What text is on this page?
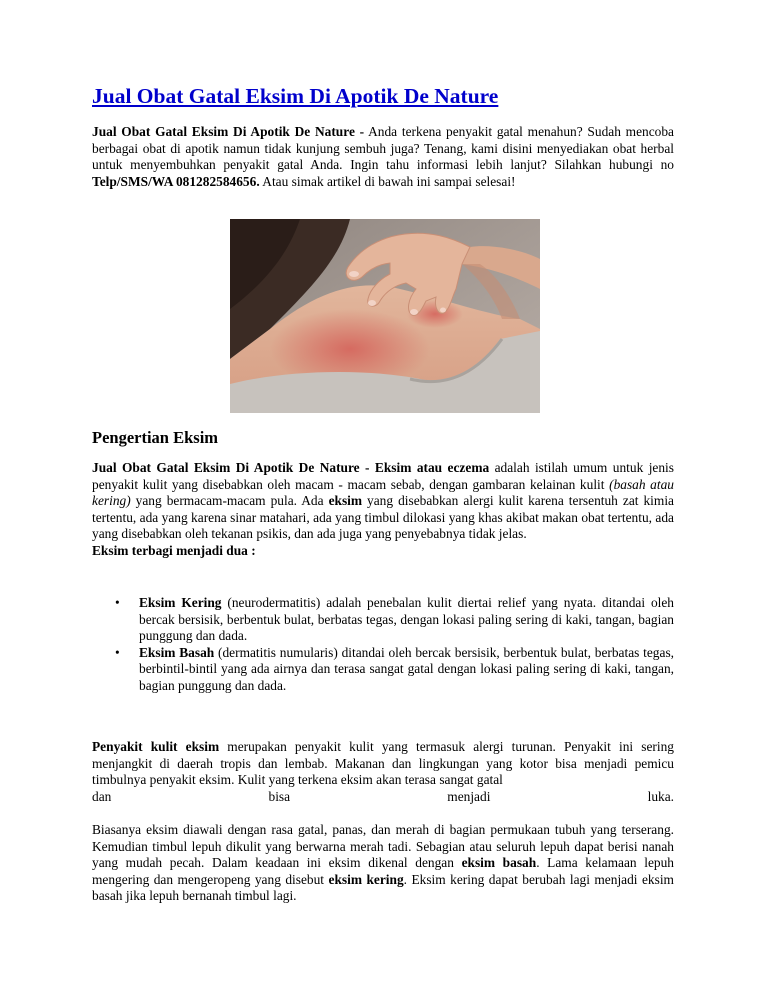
Jual Obat Gatal Eksim Di Apotik De Nature

Jual Obat Gatal Eksim Di Apotik De Nature - Anda terkena penyakit gatal menahun? Sudah mencoba berbagai obat di apotik namun tidak kunjung sembuh juga? Tenang, kami disini menyediakan obat herbal untuk menyembuhkan penyakit gatal Anda. Ingin tahu informasi lebih lanjut? Silahkan hubungi no Telp/SMS/WA 081282584656. Atau simak artikel di bawah ini sampai selesai!

Pengertian Eksim

Jual Obat Gatal Eksim Di Apotik De Nature - Eksim atau eczema adalah istilah umum untuk jenis penyakit kulit yang disebabkan oleh macam - macam sebab, dengan gambaran kelainan kulit (basah atau kering) yang bermacam-macam pula. Ada eksim yang disebabkan alergi kulit karena tersentuh zat kimia tertentu, ada yang karena sinar matahari, ada yang timbul dilokasi yang khas akibat makan obat tertentu, ada yang disebabkan oleh tekanan psikis, dan ada juga yang penyebabnya tidak jelas.
Eksim terbagi menjadi dua :

• Eksim Kering (neurodermatitis) adalah penebalan kulit diertai relief yang nyata. ditandai oleh bercak bersisik, berbentuk bulat, berbatas tegas, dengan lokasi paling sering di kaki, tangan, bagian punggung dan dada.
• Eksim Basah (dermatitis numularis) ditandai oleh bercak bersisik, berbentuk bulat, berbatas tegas, berbintil-bintil yang ada airnya dan terasa sangat gatal dengan lokasi paling sering di kaki, tangan, bagian punggung dan dada.

Penyakit kulit eksim merupakan penyakit kulit yang termasuk alergi turunan. Penyakit ini sering menjangkit di daerah tropis dan lembab. Makanan dan lingkungan yang kotor bisa menjadi pemicu timbulnya penyakit eksim. Kulit yang terkena eksim akan terasa sangat gatal

dan bisa menjadi luka.

Biasanya eksim diawali dengan rasa gatal, panas, dan merah di bagian permukaan tubuh yang terserang. Kemudian timbul lepuh dikulit yang berwarna merah tadi. Sebagian atau seluruh lepuh dapat berisi nanah yang mudah pecah. Dalam keadaan ini eksim dikenal dengan eksim basah. Lama kelamaan lepuh mengering dan mengeropeng yang disebut eksim kering. Eksim kering dapat berubah lagi menjadi eksim basah jika lepuh bernanah timbul lagi.
